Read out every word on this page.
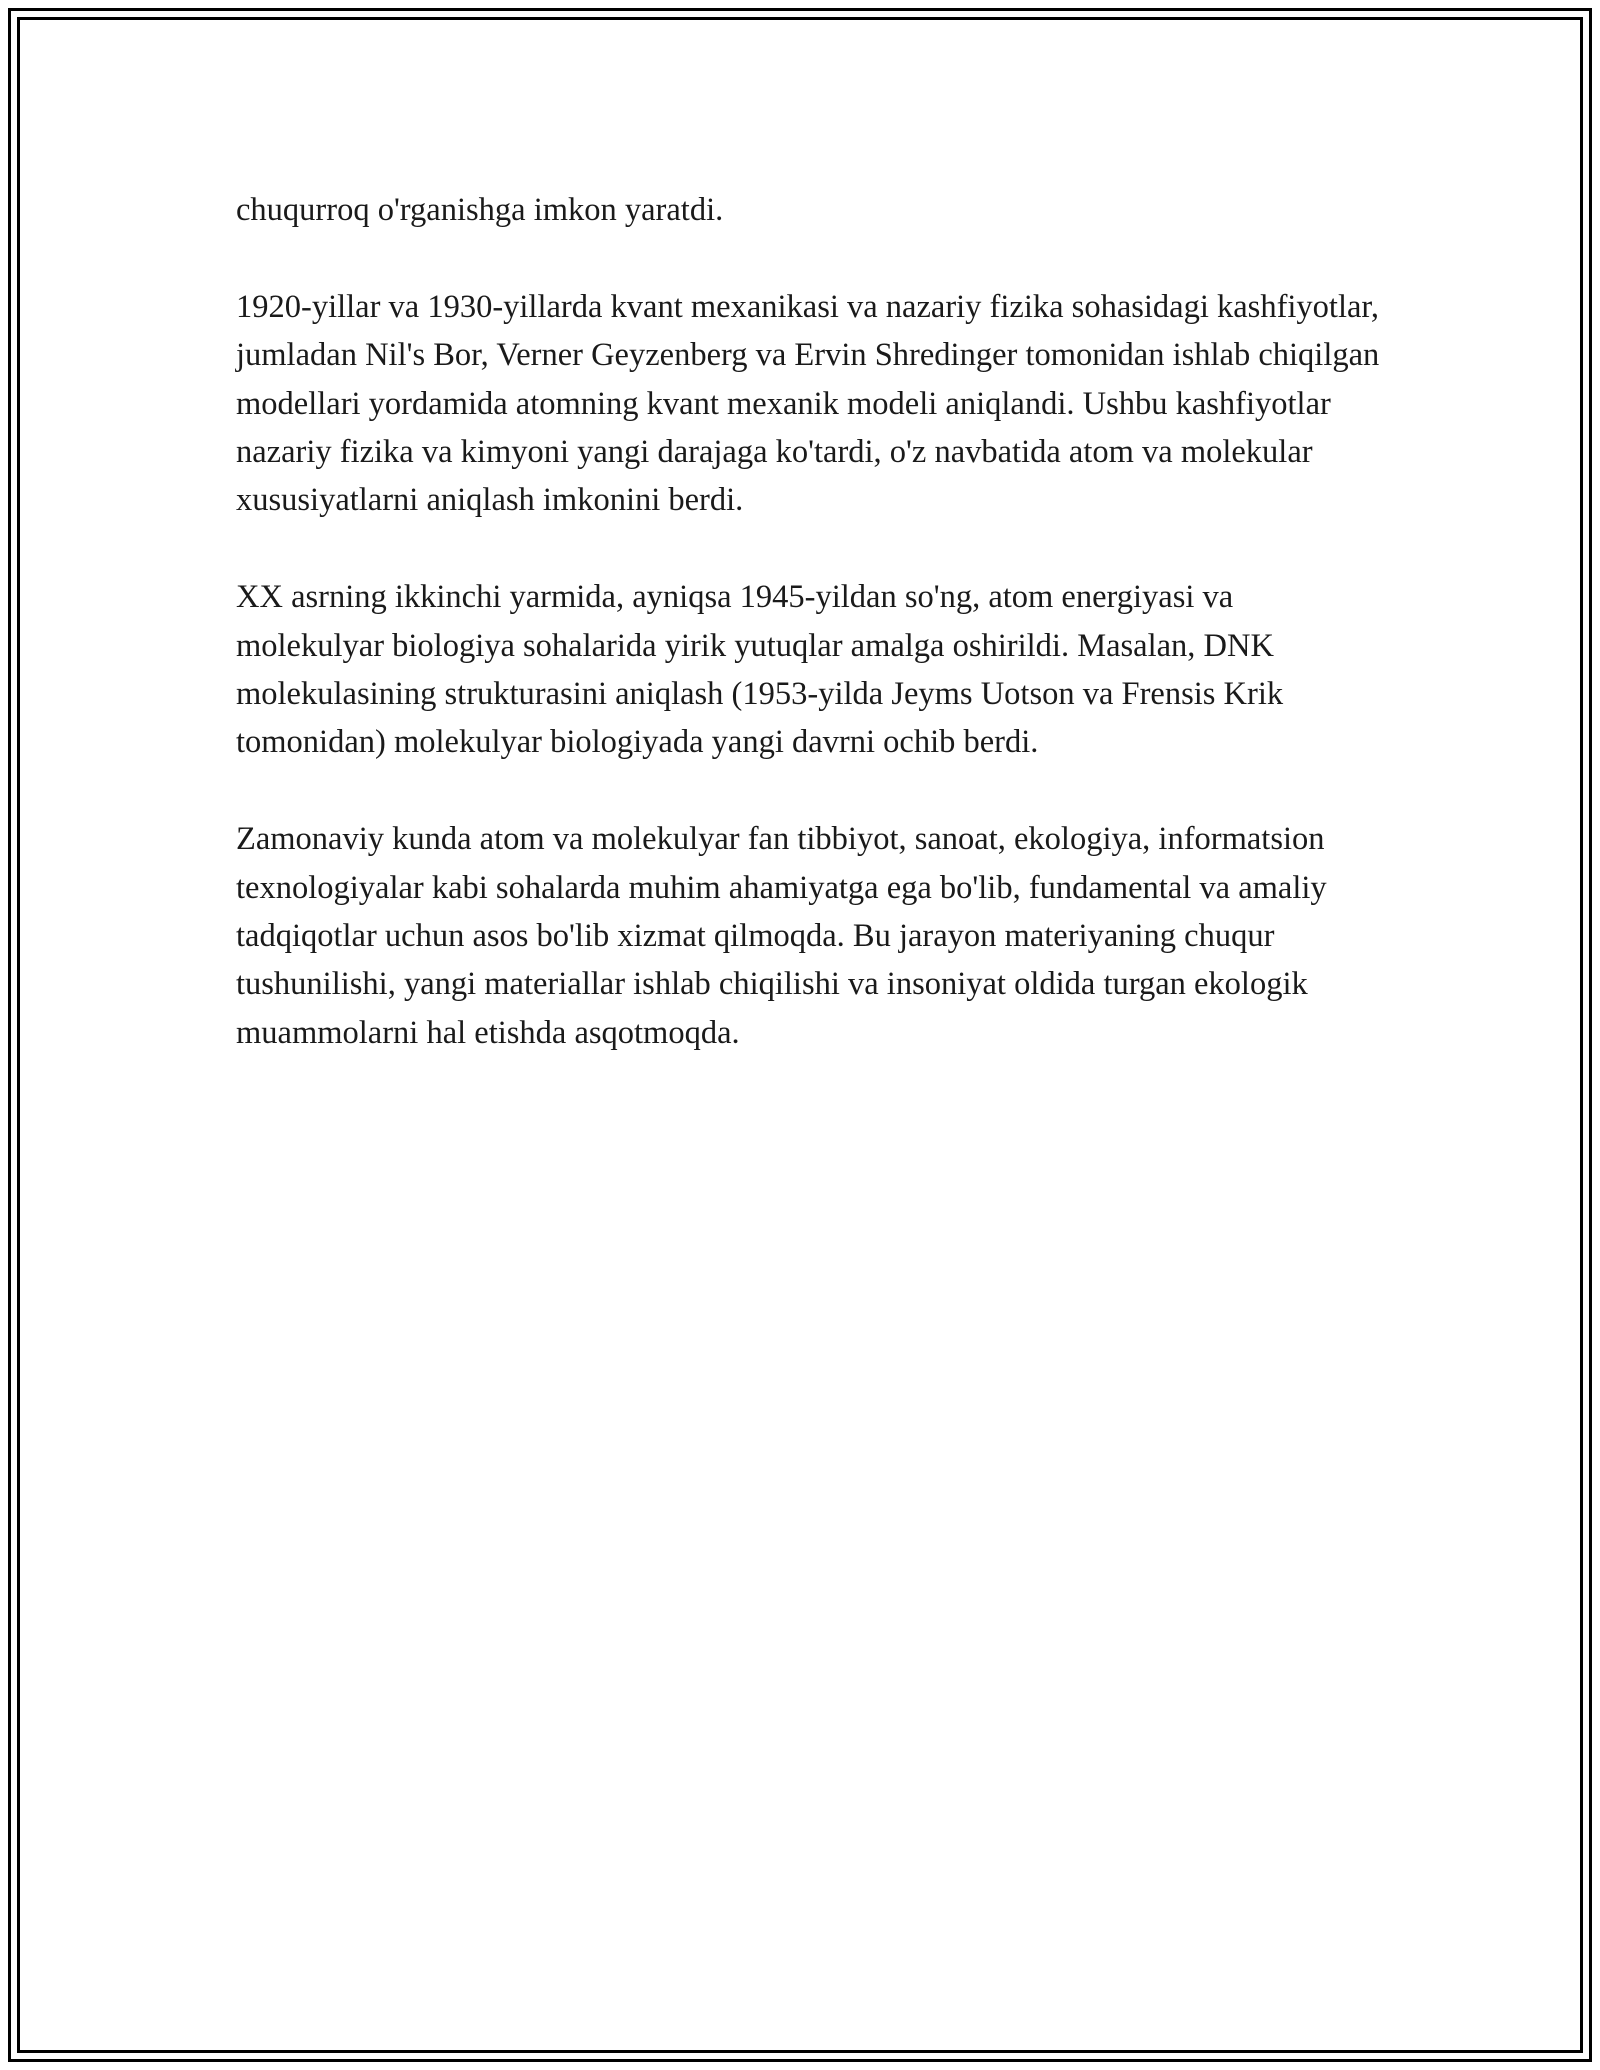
chuqurroq o'rganishga imkon yaratdi.

1920-yillar va 1930-yillarda kvant mexanikasi va nazariy fizika sohasidagi kashfiyotlar, jumladan Nil's Bor, Verner Geyzenberg va Ervin Shredinger tomonidan ishlab chiqilgan modellari yordamida atomning kvant mexanik modeli aniqlandi. Ushbu kashfiyotlar nazariy fizika va kimyoni yangi darajaga ko'tardi, o'z navbatida atom va molekular xususiyatlarni aniqlash imkonini berdi.

XX asrning ikkinchi yarmida, ayniqsa 1945-yildan so'ng, atom energiyasi va molekulyar biologiya sohalarida yirik yutuqlar amalga oshirildi. Masalan, DNK molekulasining strukturasini aniqlash (1953-yilda Jeyms Uotson va Frensis Krik tomonidan) molekulyar biologiyada yangi davrni ochib berdi.

Zamonaviy kunda atom va molekulyar fan tibbiyot, sanoat, ekologiya, informatsion texnologiyalar kabi sohalarda muhim ahamiyatga ega bo'lib, fundamental va amaliy tadqiqotlar uchun asos bo'lib xizmat qilmoqda. Bu jarayon materiyaning chuqur tushunilishi, yangi materiallar ishlab chiqilishi va insoniyat oldida turgan ekologik muammolarni hal etishda asqotmoqda.
